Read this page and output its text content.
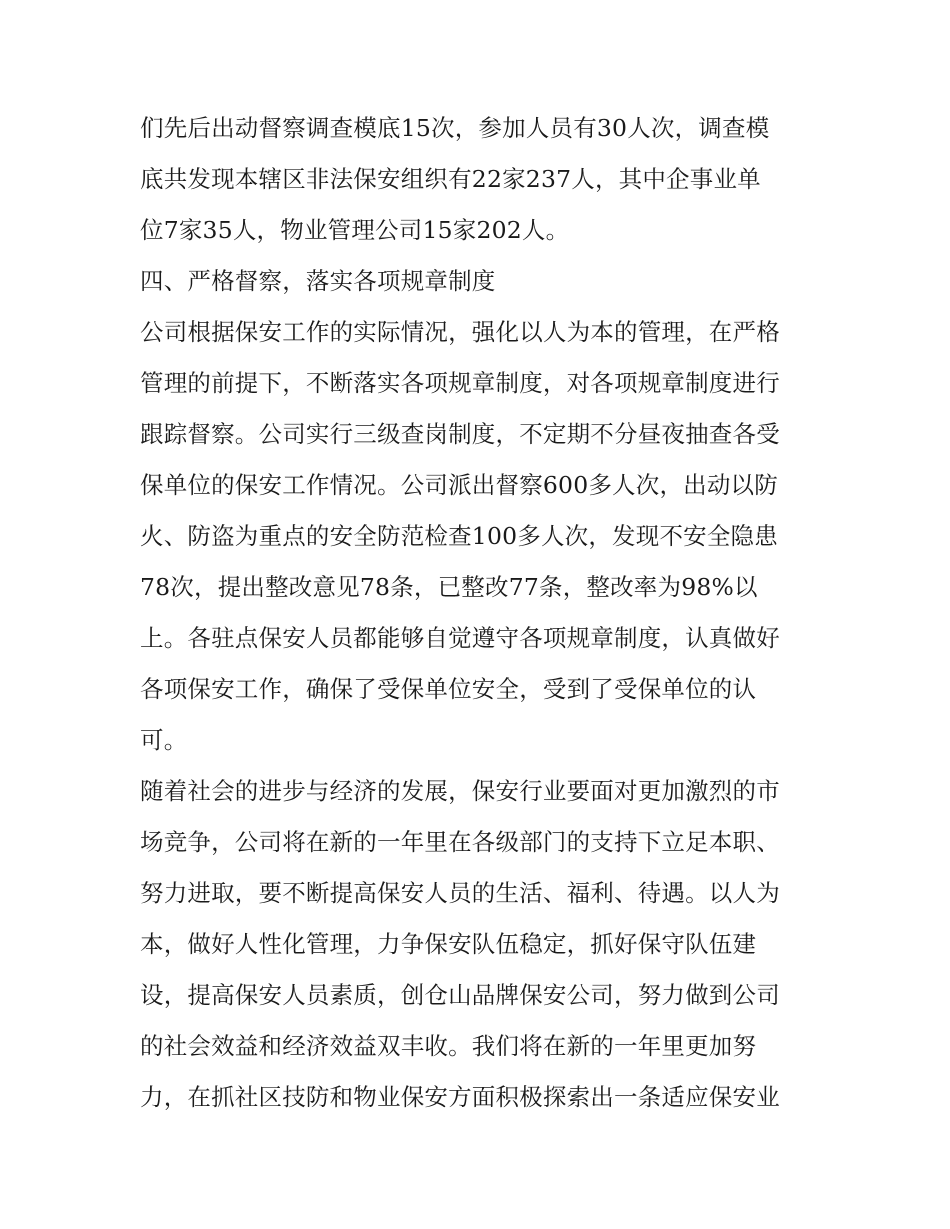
们先后出动督察调查模底15次，参加人员有30人次，调查模
底共发现本辖区非法保安组织有22家237人，其中企事业单
位7家35人，物业管理公司15家202人。
四、严格督察，落实各项规章制度
公司根据保安工作的实际情况，强化以人为本的管理，在严格
管理的前提下，不断落实各项规章制度，对各项规章制度进行
跟踪督察。公司实行三级查岗制度，不定期不分昼夜抽查各受
保单位的保安工作情况。公司派出督察600多人次，出动以防
火、防盗为重点的安全防范检查100多人次，发现不安全隐患
78次，提出整改意见78条，已整改77条，整改率为98%以
上。各驻点保安人员都能够自觉遵守各项规章制度，认真做好
各项保安工作，确保了受保单位安全，受到了受保单位的认
可。
随着社会的进步与经济的发展，保安行业要面对更加激烈的市
场竞争，公司将在新的一年里在各级部门的支持下立足本职、
努力进取，要不断提高保安人员的生活、福利、待遇。以人为
本，做好人性化管理，力争保安队伍稳定，抓好保守队伍建
设，提高保安人员素质，创仓山品牌保安公司，努力做到公司
的社会效益和经济效益双丰收。我们将在新的一年里更加努
力，在抓社区技防和物业保安方面积极探索出一条适应保安业
